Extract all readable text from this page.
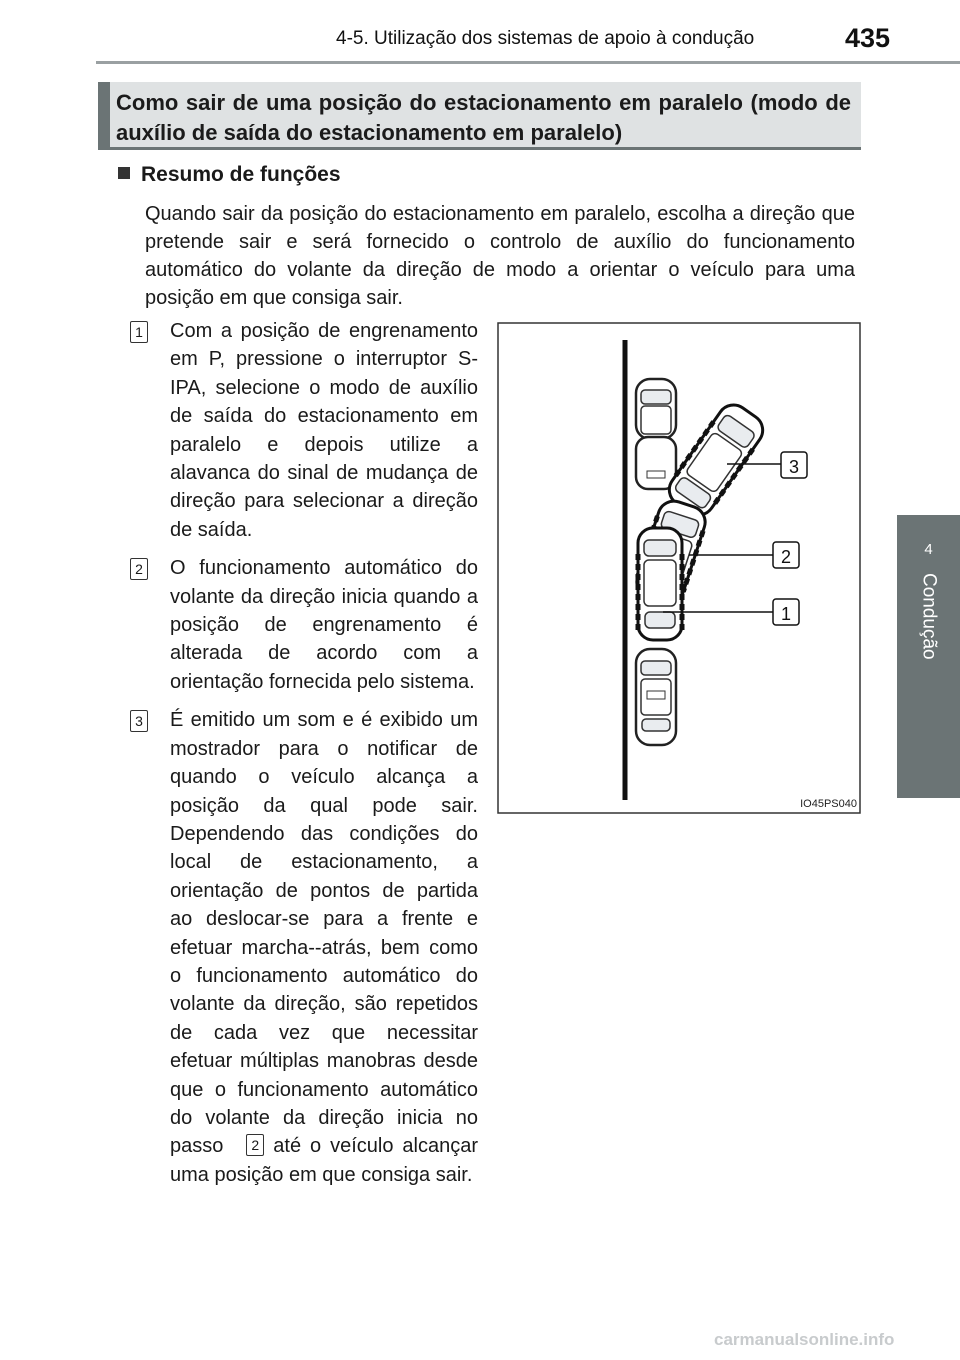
4-5. Utilização dos sistemas de apoio à condução	435
4
Condução
Como sair de uma posição do estacionamento em paralelo (modo de auxílio de saída do estacionamento em paralelo)
Resumo de funções
Quando sair da posição do estacionamento em paralelo, escolha a direção que pretende sair e será fornecido o controlo de auxílio do funcionamento automático do volante da direção de modo a orientar o veículo para uma posição em que consiga sair.
1 Com a posição de engrenamento em P, pressione o interruptor S-IPA, selecione o modo de auxílio de saída do estacionamento em paralelo e depois utilize a alavanca do sinal de mudança de direção para selecionar a direção de saída.
2 O funcionamento automático do volante da direção inicia quando a posição de engrenamento é alterada de acordo com a orientação fornecida pelo sistema.
3 É emitido um som e é exibido um mostrador para o notificar de quando o veículo alcança a posição da qual pode sair. Dependendo das condições do local de estacionamento, a orientação de pontos de partida ao deslocar-se para a frente e efetuar marcha--atrás, bem como o funcionamento automático do volante da direção, são repetidos de cada vez que necessitar efetuar múltiplas manobras desde que o funcionamento automático do volante da direção inicia no passo 2 até o veículo alcançar uma posição em que consiga sair.
3
2
1
IO45PS040
carmanualsonline.info
